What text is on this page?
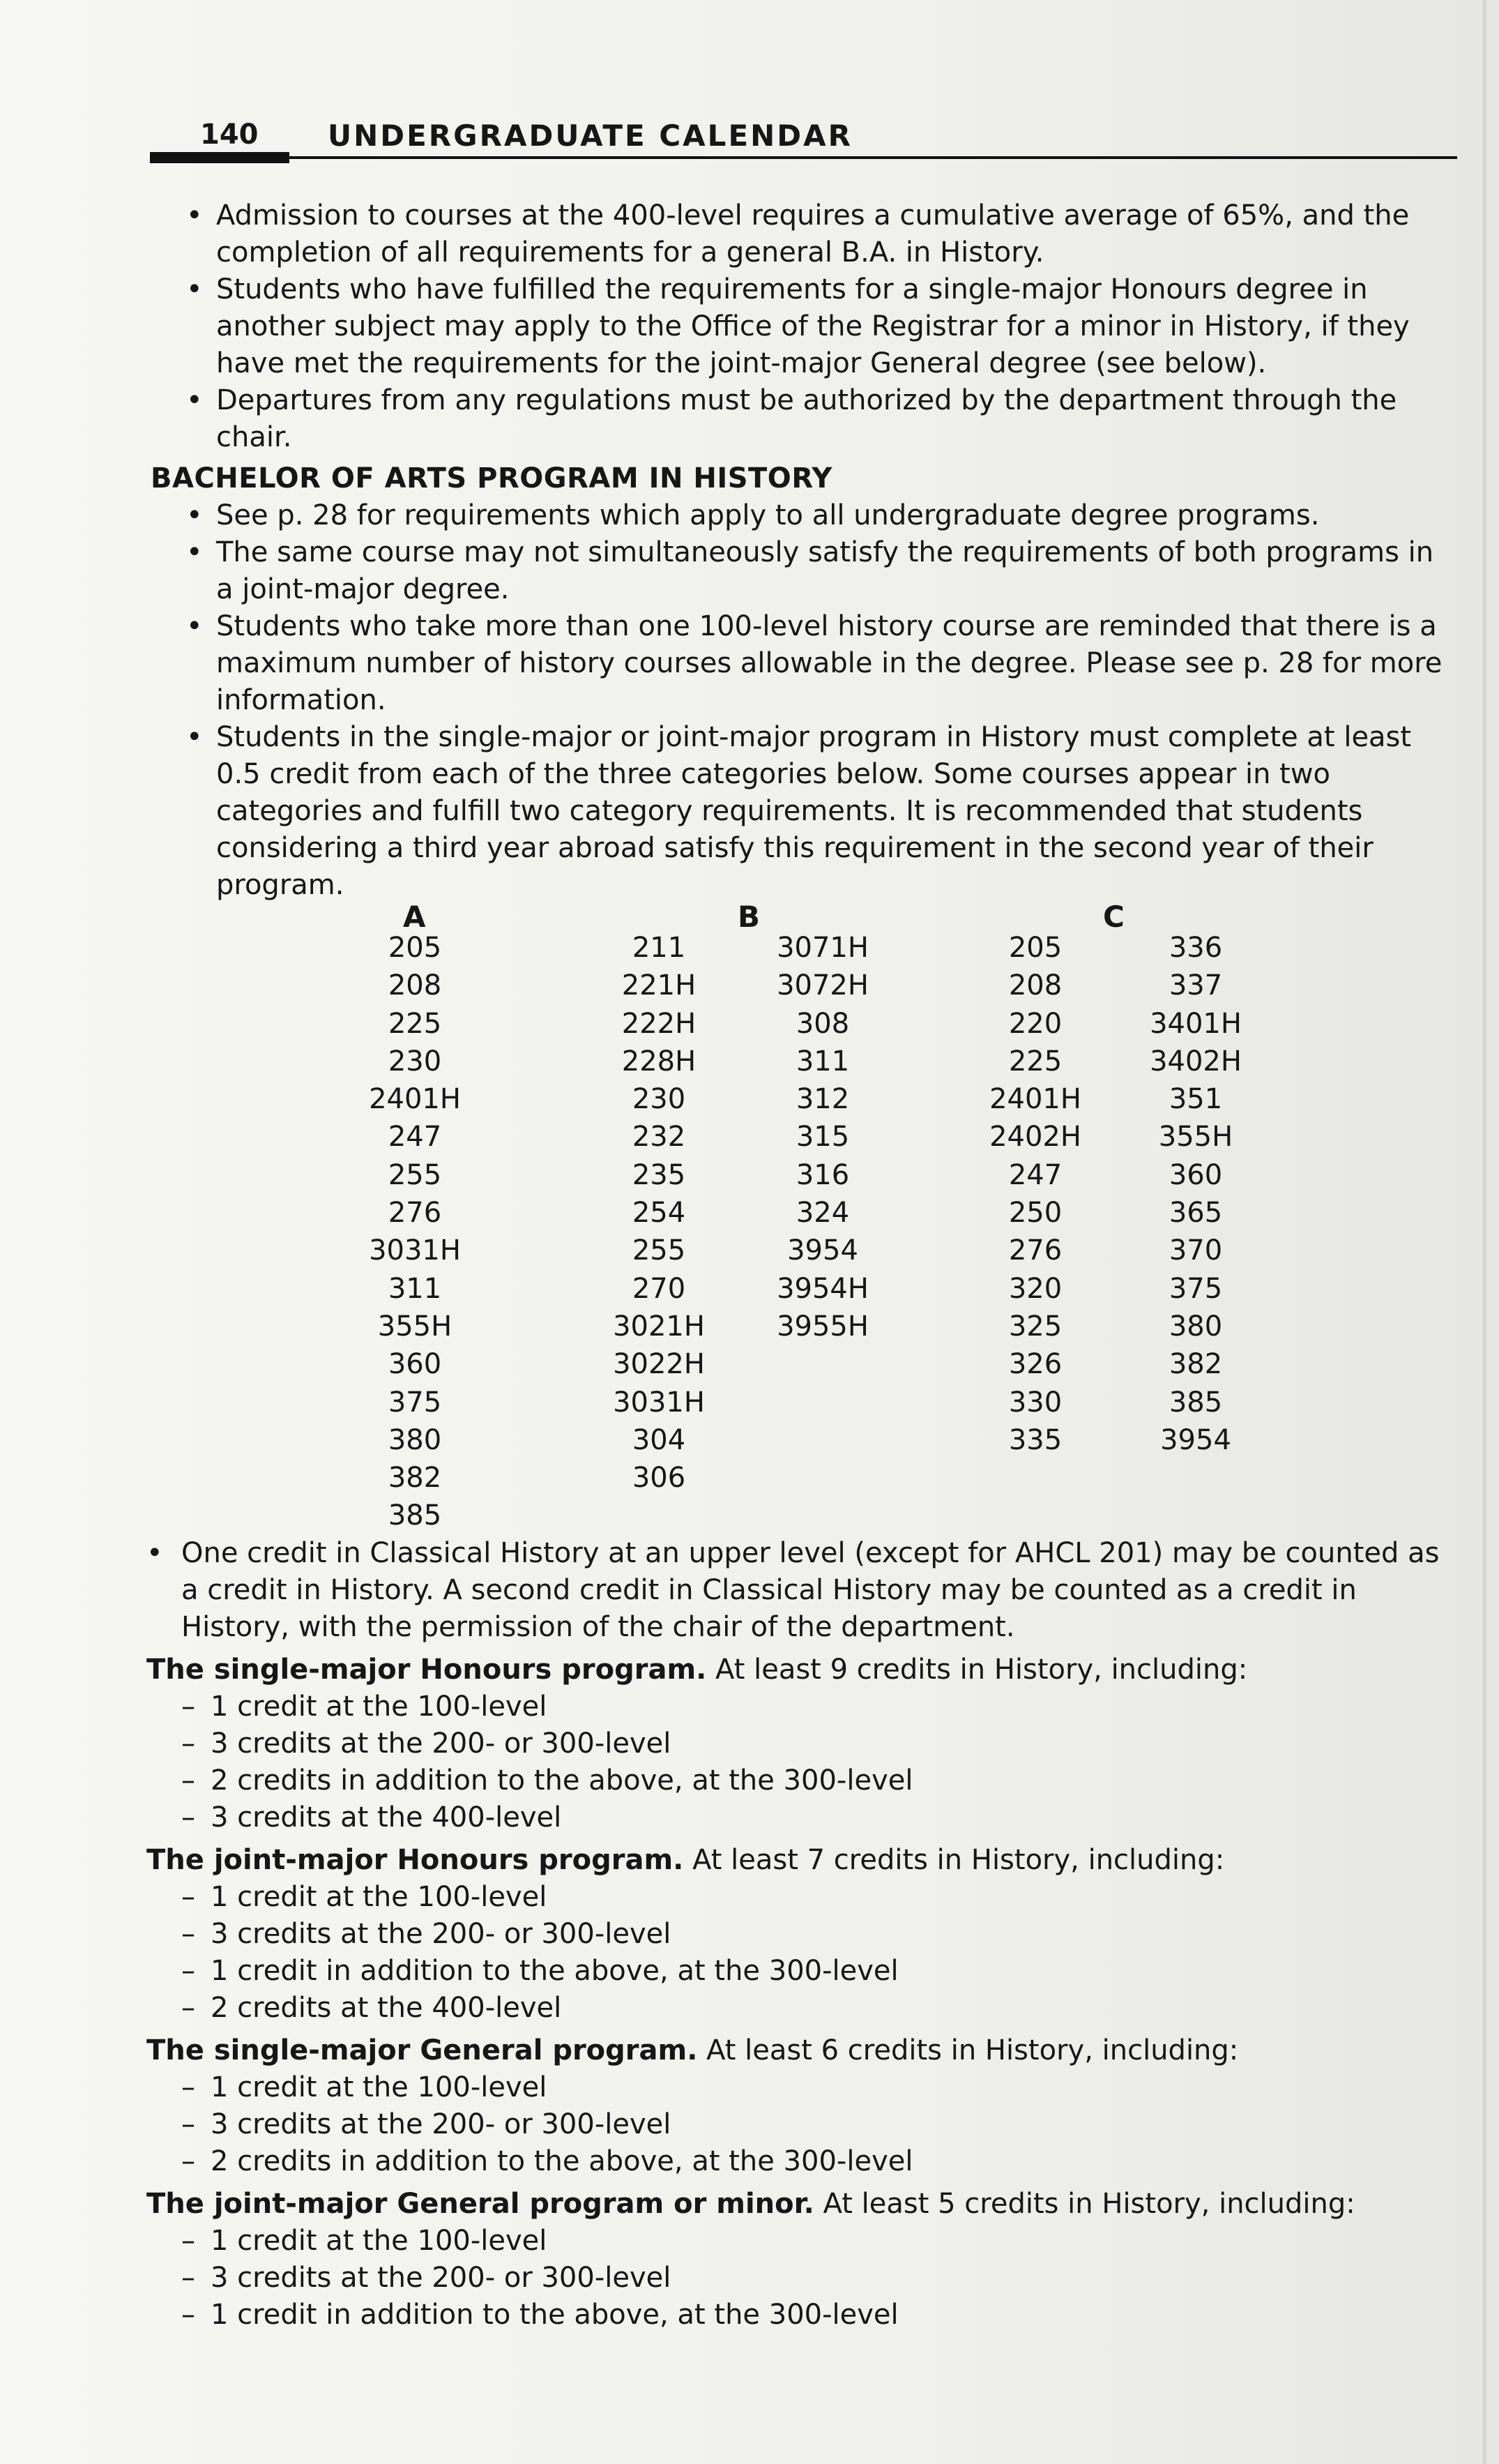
140 UNDERGRADUATE CALENDAR
• Admission to courses at the 400-level requires a cumulative average of 65%, and the completion of all requirements for a general B.A. in History.
• Students who have fulfilled the requirements for a single-major Honours degree in another subject may apply to the Office of the Registrar for a minor in History, if they have met the requirements for the joint-major General degree (see below).
• Departures from any regulations must be authorized by the department through the chair.
BACHELOR OF ARTS PROGRAM IN HISTORY
• See p. 28 for requirements which apply to all undergraduate degree programs.
• The same course may not simultaneously satisfy the requirements of both programs in a joint-major degree.
• Students who take more than one 100-level history course are reminded that there is a maximum number of history courses allowable in the degree. Please see p. 28 for more information.
• Students in the single-major or joint-major program in History must complete at least 0.5 credit from each of the three categories below. Some courses appear in two categories and fulfill two category requirements. It is recommended that students considering a third year abroad satisfy this requirement in the second year of their program.
A	B	C
205
208
225
230
2401H
247
255
276
3031H
311
355H
360
375
380
382
385
211
221H
222H
228H
230
232
235
254
255
270
3021H
3022H
3031H
304
306
3071H
3072H
308
311
312
315
316
324
3954
3954H
3955H
205
208
220
225
2401H
2402H
247
250
276
320
325
326
330
335
336
337
3401H
3402H
351
355H
360
365
370
375
380
382
385
3954
• One credit in Classical History at an upper level (except for AHCL 201) may be counted as a credit in History. A second credit in Classical History may be counted as a credit in History, with the permission of the chair of the department.

The single-major Honours program. At least 9 credits in History, including:

– 1 credit at the 100-level
– 3 credits at the 200- or 300-level
– 2 credits in addition to the above, at the 300-level
– 3 credits at the 400-level

The joint-major Honours program. At least 7 credits in History, including:

– 1 credit at the 100-level
– 3 credits at the 200- or 300-level
– 1 credit in addition to the above, at the 300-level
– 2 credits at the 400-level

The single-major General program. At least 6 credits in History, including:

– 1 credit at the 100-level
– 3 credits at the 200- or 300-level
– 2 credits in addition to the above, at the 300-level

The joint-major General program or minor. At least 5 credits in History, including:

– 1 credit at the 100-level
– 3 credits at the 200- or 300-level
– 1 credit in addition to the above, at the 300-level
